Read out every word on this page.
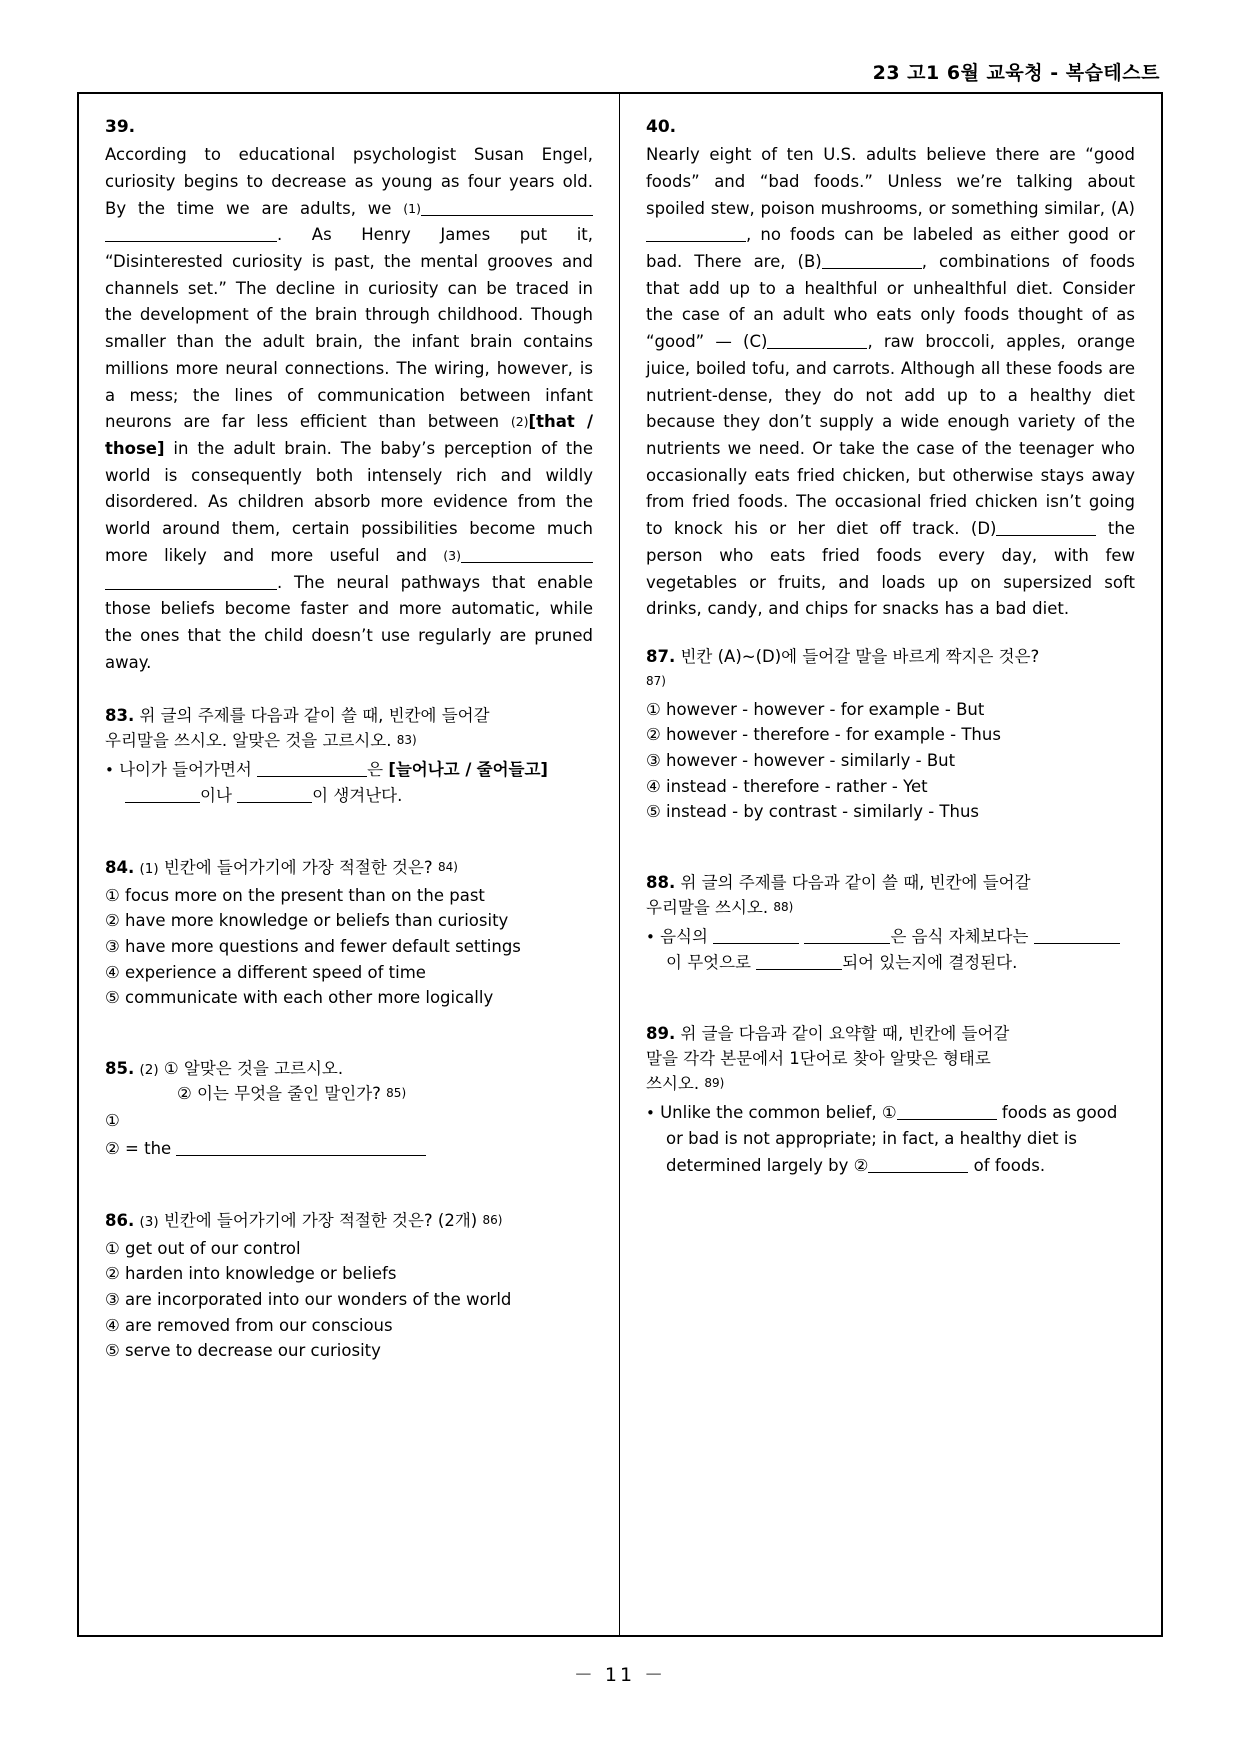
23 고1 6월 교육청 - 복습테스트
39.
According to educational psychologist Susan Engel, curiosity begins to decrease as young as four years old. By the time we are adults, we (1) . As Henry James put it, “Disinterested curiosity is past, the mental grooves and channels set.” The decline in curiosity can be traced in the development of the brain through childhood. Though smaller than the adult brain, the infant brain contains millions more neural connections. The wiring, however, is a mess; the lines of communication between infant neurons are far less efficient than between (2)[that / those] in the adult brain. The baby’s perception of the world is consequently both intensely rich and wildly disordered. As children absorb more evidence from the world around them, certain possibilities become much more likely and more useful and (3) . The neural pathways that enable those beliefs become faster and more automatic, while the ones that the child doesn’t use regularly are pruned away.
83. 위 글의 주제를 다음과 같이 쓸 때, 빈칸에 들어갈
우리말을 쓰시오. 알맞은 것을 고르시오. 83)
• 나이가 들어가면서	은 [늘어나고 / 줄어들고] 이나	이 생겨난다.
84. (1) 빈칸에 들어가기에 가장 적절한 것은? 84)
① focus more on the present than on the past
② have more knowledge or beliefs than curiosity
③ have more questions and fewer default settings
④ experience a different speed of time
⑤ communicate with each other more logically
85. (2) ① 알맞은 것을 고르시오.
② 이는 무엇을 줄인 말인가? 85)
①
② = the
86. (3) 빈칸에 들어가기에 가장 적절한 것은? (2개) 86)
① get out of our control
② harden into knowledge or beliefs
③ are incorporated into our wonders of the world
④ are removed from our conscious
⑤ serve to decrease our curiosity
40.
Nearly eight of ten U.S. adults believe there are “good foods” and “bad foods.” Unless we’re talking about spoiled stew, poison mushrooms, or something similar, (A), no foods can be labeled as either good or bad. There are, (B)	, combinations of foods that add up to a healthful or unhealthful diet. Consider the case of an adult who eats only foods thought of as “good” — (C)	, raw broccoli, apples, orange juice, boiled tofu, and carrots. Although all these foods are nutrient-dense, they do not add up to a healthy diet because they don’t supply a wide enough variety of the nutrients we need. Or take the case of the teenager who occasionally eats fried chicken, but otherwise stays away from fried foods. The occasional fried chicken isn’t going to knock his or her diet off track. (D)	the person who eats fried foods every day, with few vegetables or fruits, and loads up on supersized soft drinks, candy, and chips for snacks has a bad diet.
87. 빈칸 (A)~(D)에 들어갈 말을 바르게 짝지은 것은?
87)
① however - however - for example - But
② however - therefore - for example - Thus
③ however - however - similarly - But
④ instead - therefore - rather - Yet
⑤ instead - by contrast - similarly - Thus
88. 위 글의 주제를 다음과 같이 쓸 때, 빈칸에 들어갈
우리말을 쓰시오. 88)
• 음식의	은 음식 자체보다는 이 무엇으로	되어 있는지에 결정된다.
89. 위 글을 다음과 같이 요약할 때, 빈칸에 들어갈
말을 각각 본문에서 1단어로 찾아 알맞은 형태로
쓰시오. 89)
• Unlike the common belief, ①	foods as good or bad is not appropriate; in fact, a healthy diet is determined largely by ②	of foods.
－ 11 －
